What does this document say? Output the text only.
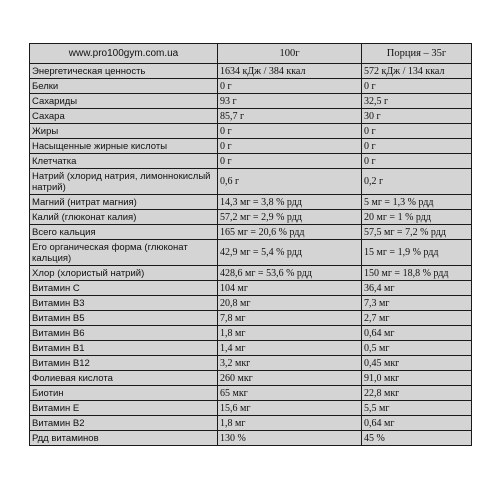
www.pro100gym.com.ua	100г	Порция – 35г
Энергетическая ценность	1634 кДж / 384 ккал	572 кДж / 134 ккал
Белки	0 г	0 г
Сахариды	93 г	32,5 г
Сахара	85,7 г	30 г
Жиры	0 г	0 г
Насыщенные жирные кислоты	0 г	0 г
Клетчатка	0 г	0 г
Натрий (хлорид натрия, лимоннокислый натрий)	0,6 г	0,2 г
Магний (нитрат магния)	14,3 мг = 3,8 % рдд	5 мг = 1,3 % рдд
Калий (глюконат калия)	57,2 мг = 2,9 % рдд	20 мг = 1 % рдд
Всего кальция	165 мг = 20,6 % рдд	57,5 мг = 7,2 % рдд
Его органическая форма (глюконат кальция)	42,9 мг = 5,4 % рдд	15 мг = 1,9 % рдд
Хлор (хлористый натрий)	428,6 мг = 53,6 % рдд	150 мг = 18,8 % рдд
Витамин С	104 мг	36,4 мг
Витамин В3	20,8 мг	7,3 мг
Витамин В5	7,8 мг	2,7 мг
Витамин В6	1,8 мг	0,64 мг
Витамин В1	1,4 мг	0,5 мг
Витамин В12	3,2 мкг	0,45 мкг
Фолиевая кислота	260 мкг	91,0 мкг
Биотин	65 мкг	22,8 мкг
Витамин Е	15,6 мг	5,5 мг
Витамин В2	1,8 мг	0,64 мг
Рдд витаминов	130 %	45 %
